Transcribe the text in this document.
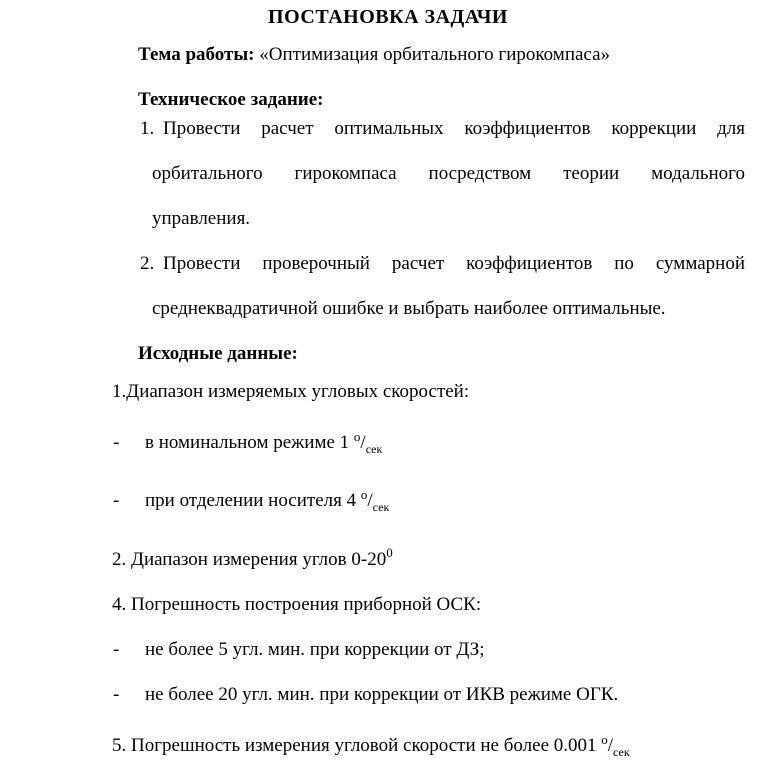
ПОСТАНОВКА ЗАДАЧИ

Тема работы: «Оптимизация орбитального гирокомпаса»

Техническое задание:

1. Провести расчет оптимальных коэффициентов коррекции для
орбитального гирокомпаса посредством теории модального
управления.
2. Провести проверочный расчет коэффициентов по суммарной
среднеквадратичной ошибке и выбрать наиболее оптимальные.

Исходные данные:

1.Диапазон измеряемых угловых скоростей:

- в номинальном режиме 1 $^о/_{сек}$

- при отделении носителя 4 $^о/_{сек}$

2. Диапазон измерения углов $0-20^0$

4. Погрешность построения приборной ОСК:

- не более 5 угл. мин. при коррекции от ДЗ;

- не более 20 угл. мин. при коррекции от ИКВ режиме ОГК.

5. Погрешность измерения угловой скорости не более 0.001 $^о/_{сек}$
